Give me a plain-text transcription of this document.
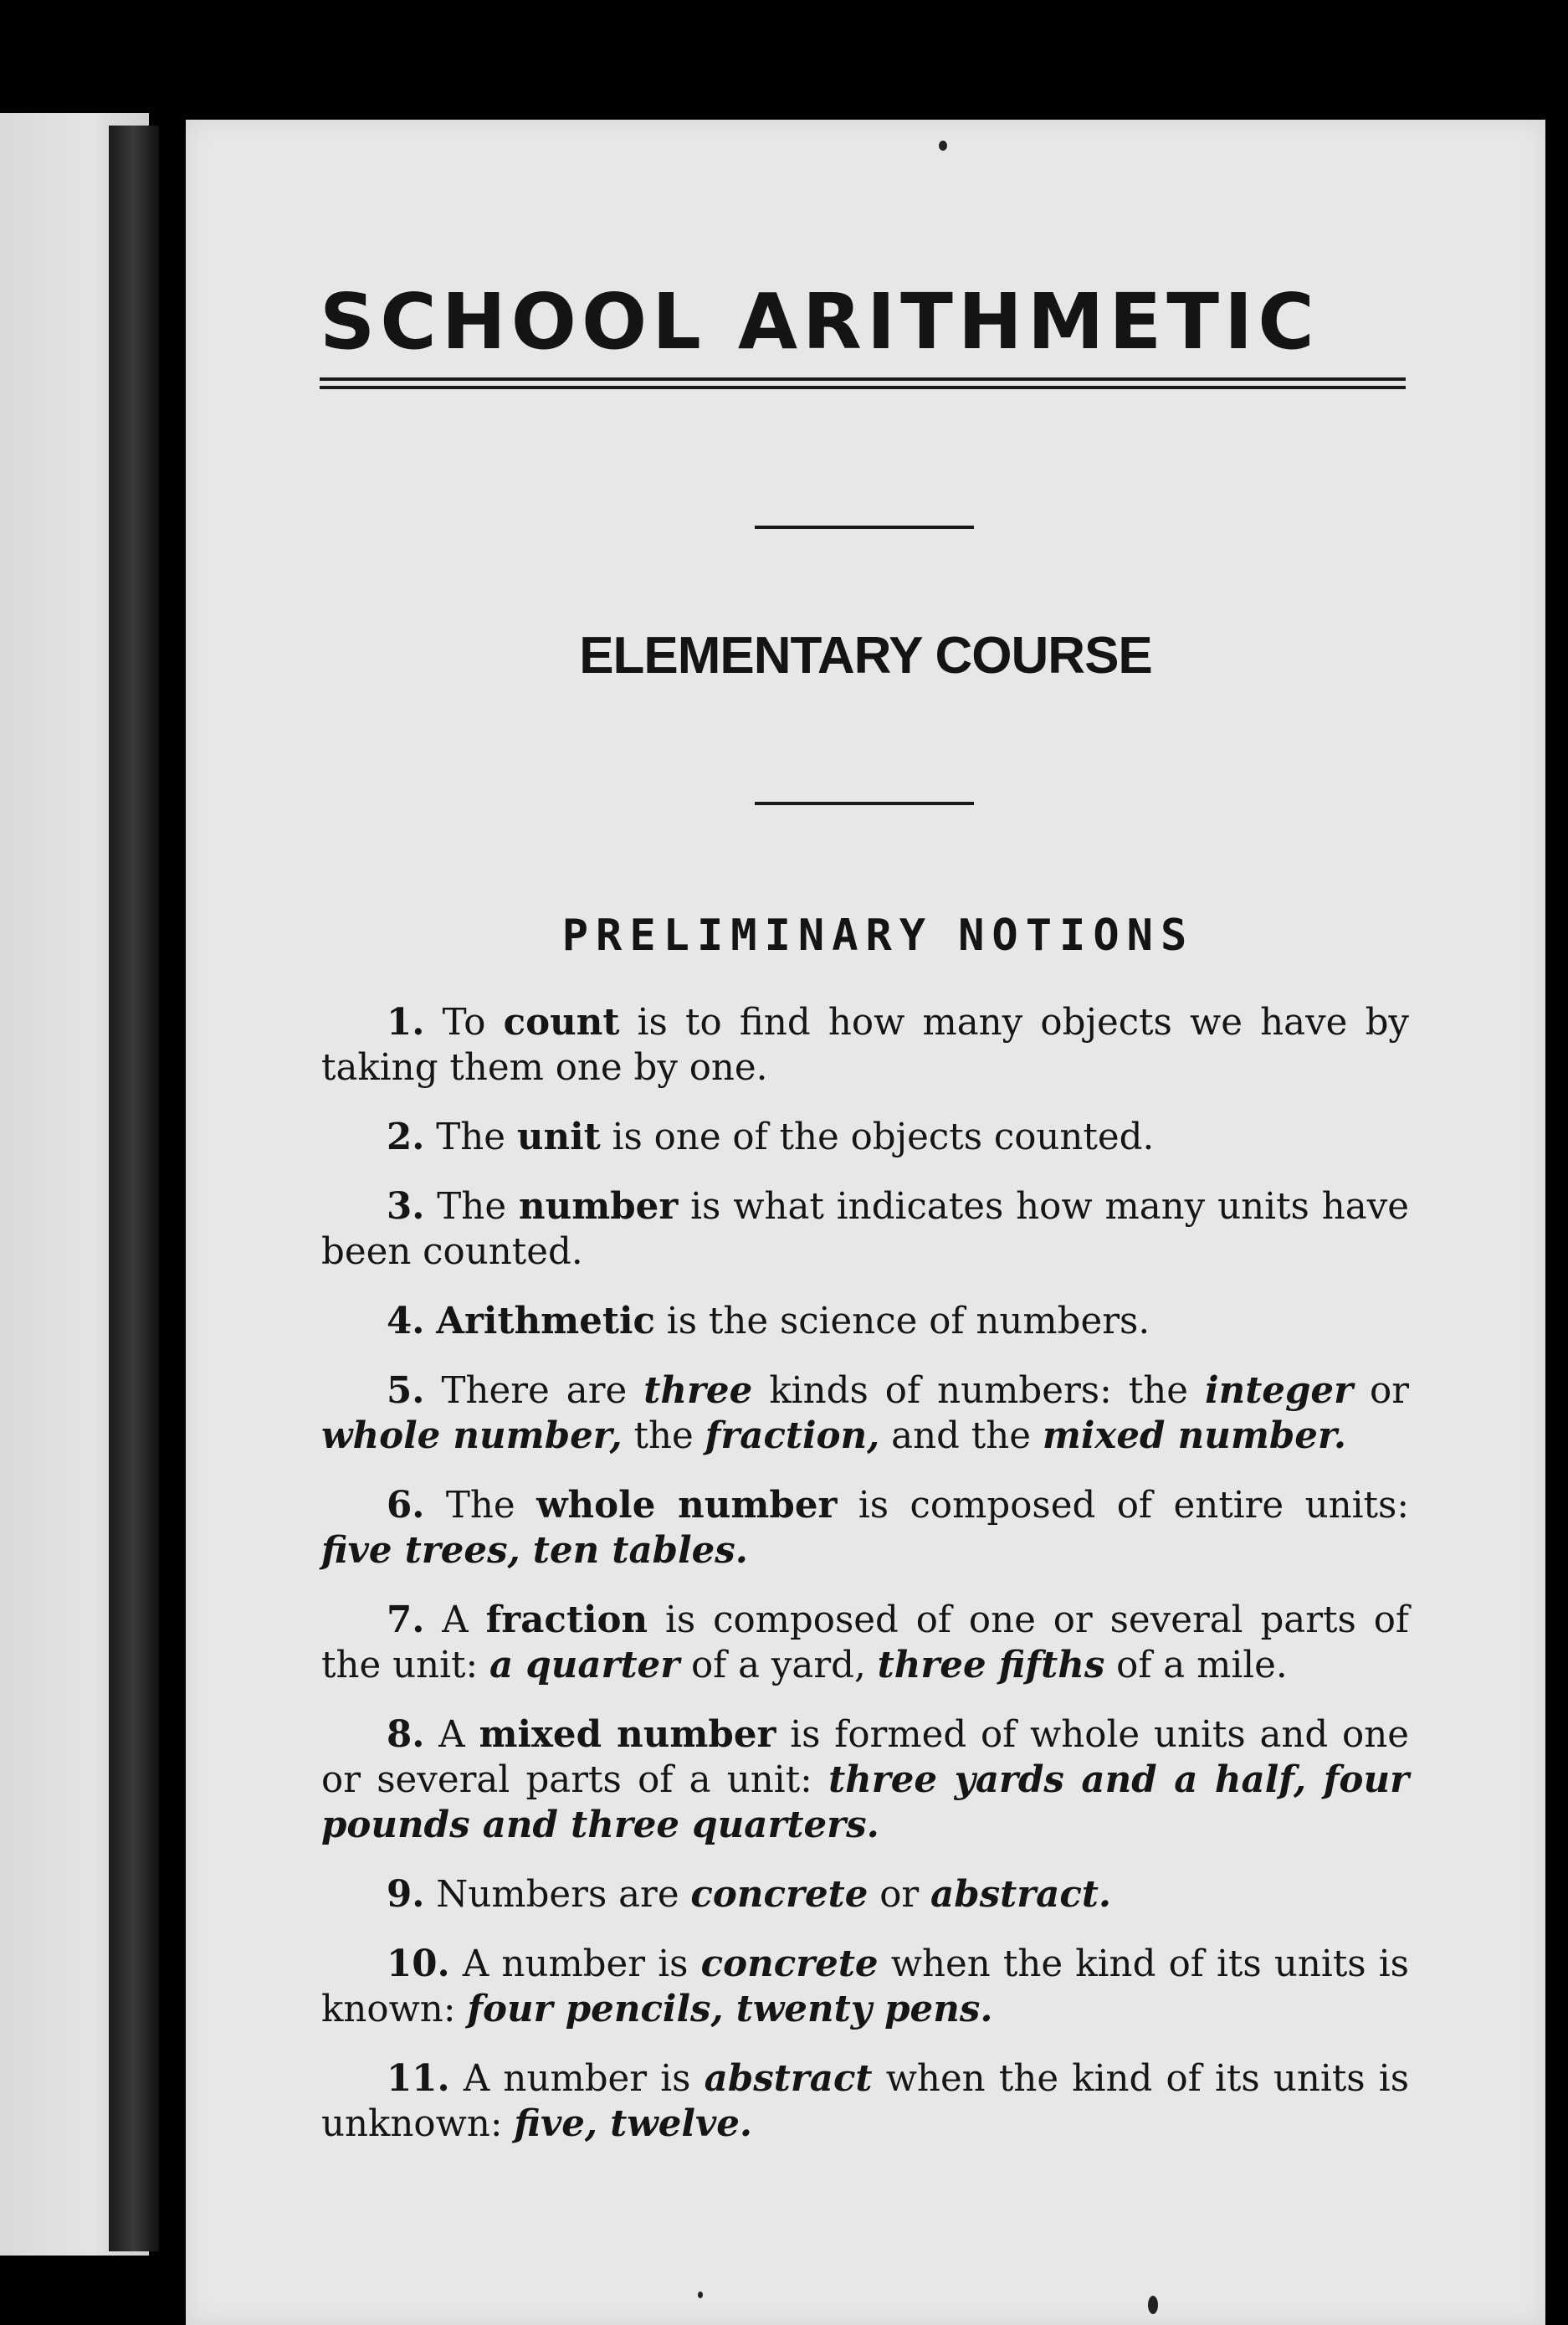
SCHOOL ARITHMETIC
ELEMENTARY COURSE
PRELIMINARY NOTIONS
1. To count is to find how many objects we have by taking them one by one.
2. The unit is one of the objects counted.
3. The number is what indicates how many units have been counted.
4. Arithmetic is the science of numbers.
5. There are three kinds of numbers: the integer or whole number, the fraction, and the mixed number.
6. The whole number is composed of entire units: five trees, ten tables.
7. A fraction is composed of one or several parts of the unit: a quarter of a yard, three fifths of a mile.
8. A mixed number is formed of whole units and one or several parts of a unit: three yards and a half, four pounds and three quarters.
9. Numbers are concrete or abstract.
10. A number is concrete when the kind of its units is known: four pencils, twenty pens.
11. A number is abstract when the kind of its units is unknown: five, twelve.
